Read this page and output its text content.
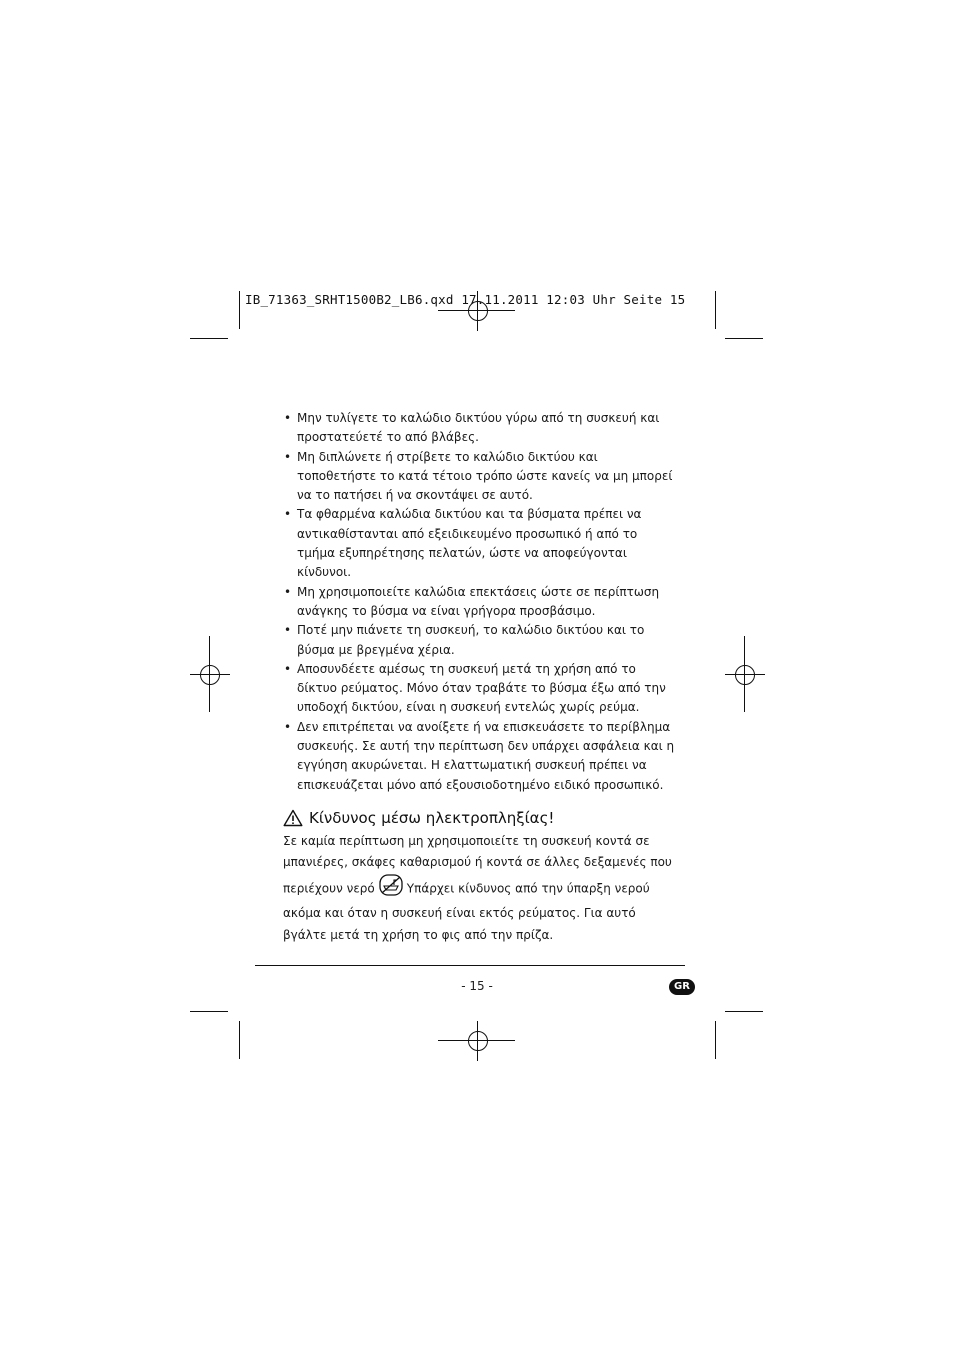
IB_71363_SRHT1500B2_LB6.qxd 17.11.2011 12:03 Uhr Seite 15
• Μην τυλίγετε το καλώδιο δικτύου γύρω από τη συσκευή και προστατεύετέ το από βλάβες.
• Μη διπλώνετε ή στρίβετε το καλώδιο δικτύου και τοποθετήστε το κατά τέτοιο τρόπο ώστε κανείς να μη μπορεί να το πατήσει ή να σκοντάψει σε αυτό.
• Τα φθαρμένα καλώδια δικτύου και τα βύσματα πρέπει να αντικαθίστανται από εξειδικευμένο προσωπικό ή από το τμήμα εξυπηρέτησης πελατών, ώστε να αποφεύγονται κίνδυνοι.
• Μη χρησιμοποιείτε καλώδια επεκτάσεις ώστε σε περίπτωση ανάγκης το βύσμα να είναι γρήγορα προσβάσιμο.
• Ποτέ μην πιάνετε τη συσκευή, το καλώδιο δικτύου και το βύσμα με βρεγμένα χέρια.
• Αποσυνδέετε αμέσως τη συσκευή μετά τη χρήση από το δίκτυο ρεύματος. Μόνο όταν τραβάτε το βύσμα έξω από την υποδοχή δικτύου, είναι η συσκευή εντελώς χωρίς ρεύμα.
• Δεν επιτρέπεται να ανοίξετε ή να επισκευάσετε το περίβλημα συσκευής. Σε αυτή την περίπτωση δεν υπάρχει ασφάλεια και η εγγύηση ακυρώνεται. Η ελαττωματική συσκευή πρέπει να επισκευάζεται μόνο από εξουσιοδοτημένο ειδικό προσωπικό.
Κίνδυνος μέσω ηλεκτροπληξίας!
Σε καμία περίπτωση μη χρησιμοποιείτε τη συσκευή κοντά σε μπανιέρες, σκάφες καθαρισμού ή κοντά σε άλλες δεξαμενές που περιέχουν νερό	Υπάρχει κίνδυνος από την ύπαρξη νερού ακόμα και όταν η συσκευή είναι εκτός ρεύματος. Για αυτό βγάλτε μετά τη χρήση το φις από την πρίζα.
- 15 -	GR
